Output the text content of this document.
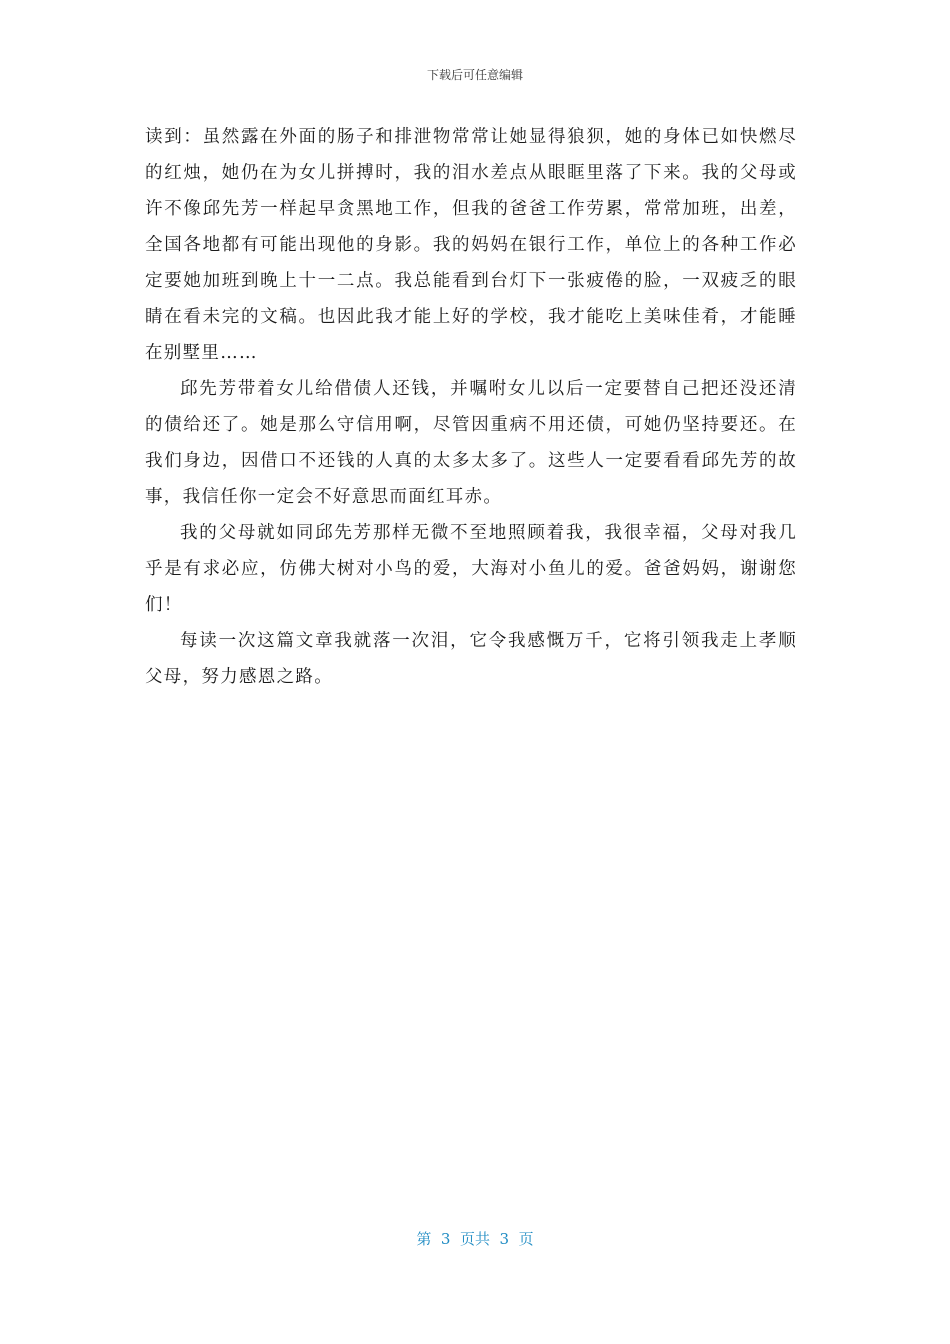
下载后可任意编辑

读到：虽然露在外面的肠子和排泄物常常让她显得狼狈，她的身体已如快燃尽的红烛，她仍在为女儿拼搏时，我的泪水差点从眼眶里落了下来。我的父母或许不像邱先芳一样起早贪黑地工作，但我的爸爸工作劳累，常常加班，出差，全国各地都有可能出现他的身影。我的妈妈在银行工作，单位上的各种工作必定要她加班到晚上十一二点。我总能看到台灯下一张疲倦的脸，一双疲乏的眼睛在看未完的文稿。也因此我才能上好的学校，我才能吃上美味佳肴，才能睡在别墅里……

邱先芳带着女儿给借债人还钱，并嘱咐女儿以后一定要替自己把还没还清的债给还了。她是那么守信用啊，尽管因重病不用还债，可她仍坚持要还。在我们身边，因借口不还钱的人真的太多太多了。这些人一定要看看邱先芳的故事，我信任你一定会不好意思而面红耳赤。

我的父母就如同邱先芳那样无微不至地照顾着我，我很幸福，父母对我几乎是有求必应，仿佛大树对小鸟的爱，大海对小鱼儿的爱。爸爸妈妈，谢谢您们！

每读一次这篇文章我就落一次泪，它令我感慨万千，它将引领我走上孝顺父母，努力感恩之路。

第  3  页共  3  页
